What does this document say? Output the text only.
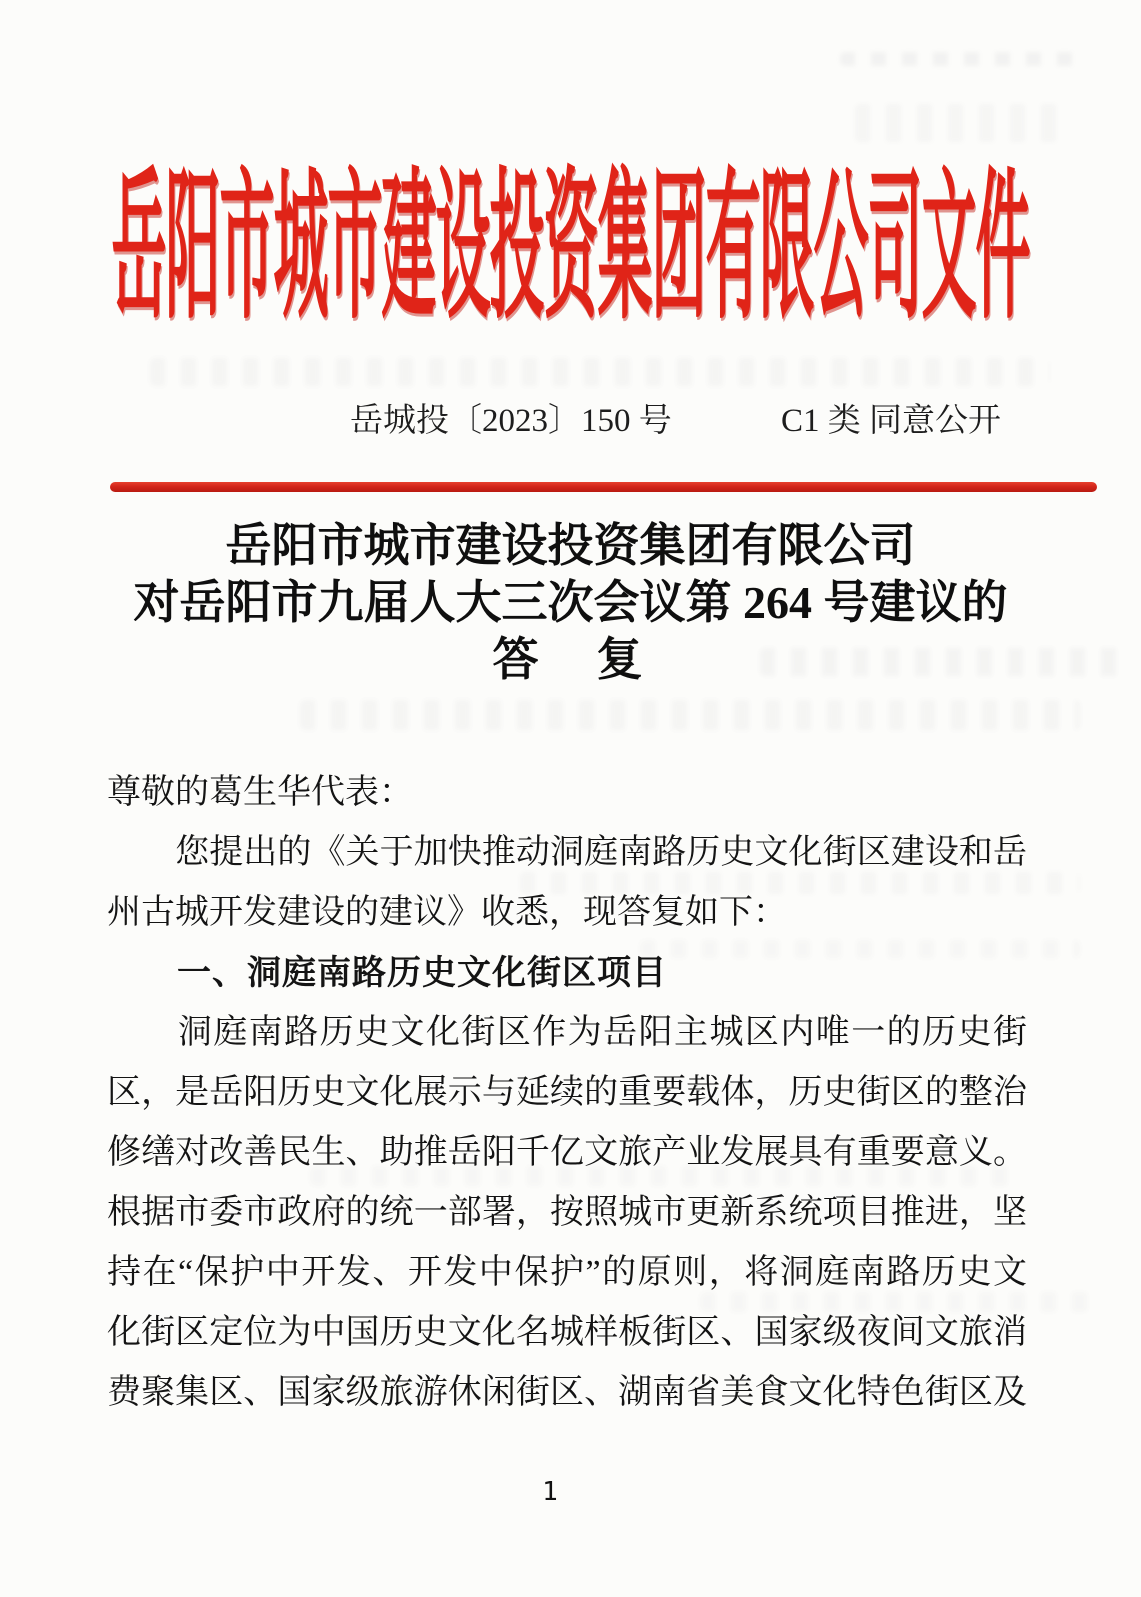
岳阳市城市建设投资集团有限公司文件
岳城投〔2023〕150 号	C1 类 同意公开
岳阳市城市建设投资集团有限公司
对岳阳市九届人大三次会议第 264 号建议的
答　复
尊敬的葛生华代表：
　　您提出的《关于加快推动洞庭南路历史文化街区建设和岳
州古城开发建设的建议》收悉，现答复如下：
　　一、洞庭南路历史文化街区项目
　　洞庭南路历史文化街区作为岳阳主城区内唯一的历史街
区，是岳阳历史文化展示与延续的重要载体，历史街区的整治
修缮对改善民生、助推岳阳千亿文旅产业发展具有重要意义。
根据市委市政府的统一部署，按照城市更新系统项目推进，坚
持在“保护中开发、开发中保护”的原则，将洞庭南路历史文
化街区定位为中国历史文化名城样板街区、国家级夜间文旅消
费聚集区、国家级旅游休闲街区、湖南省美食文化特色街区及
1
